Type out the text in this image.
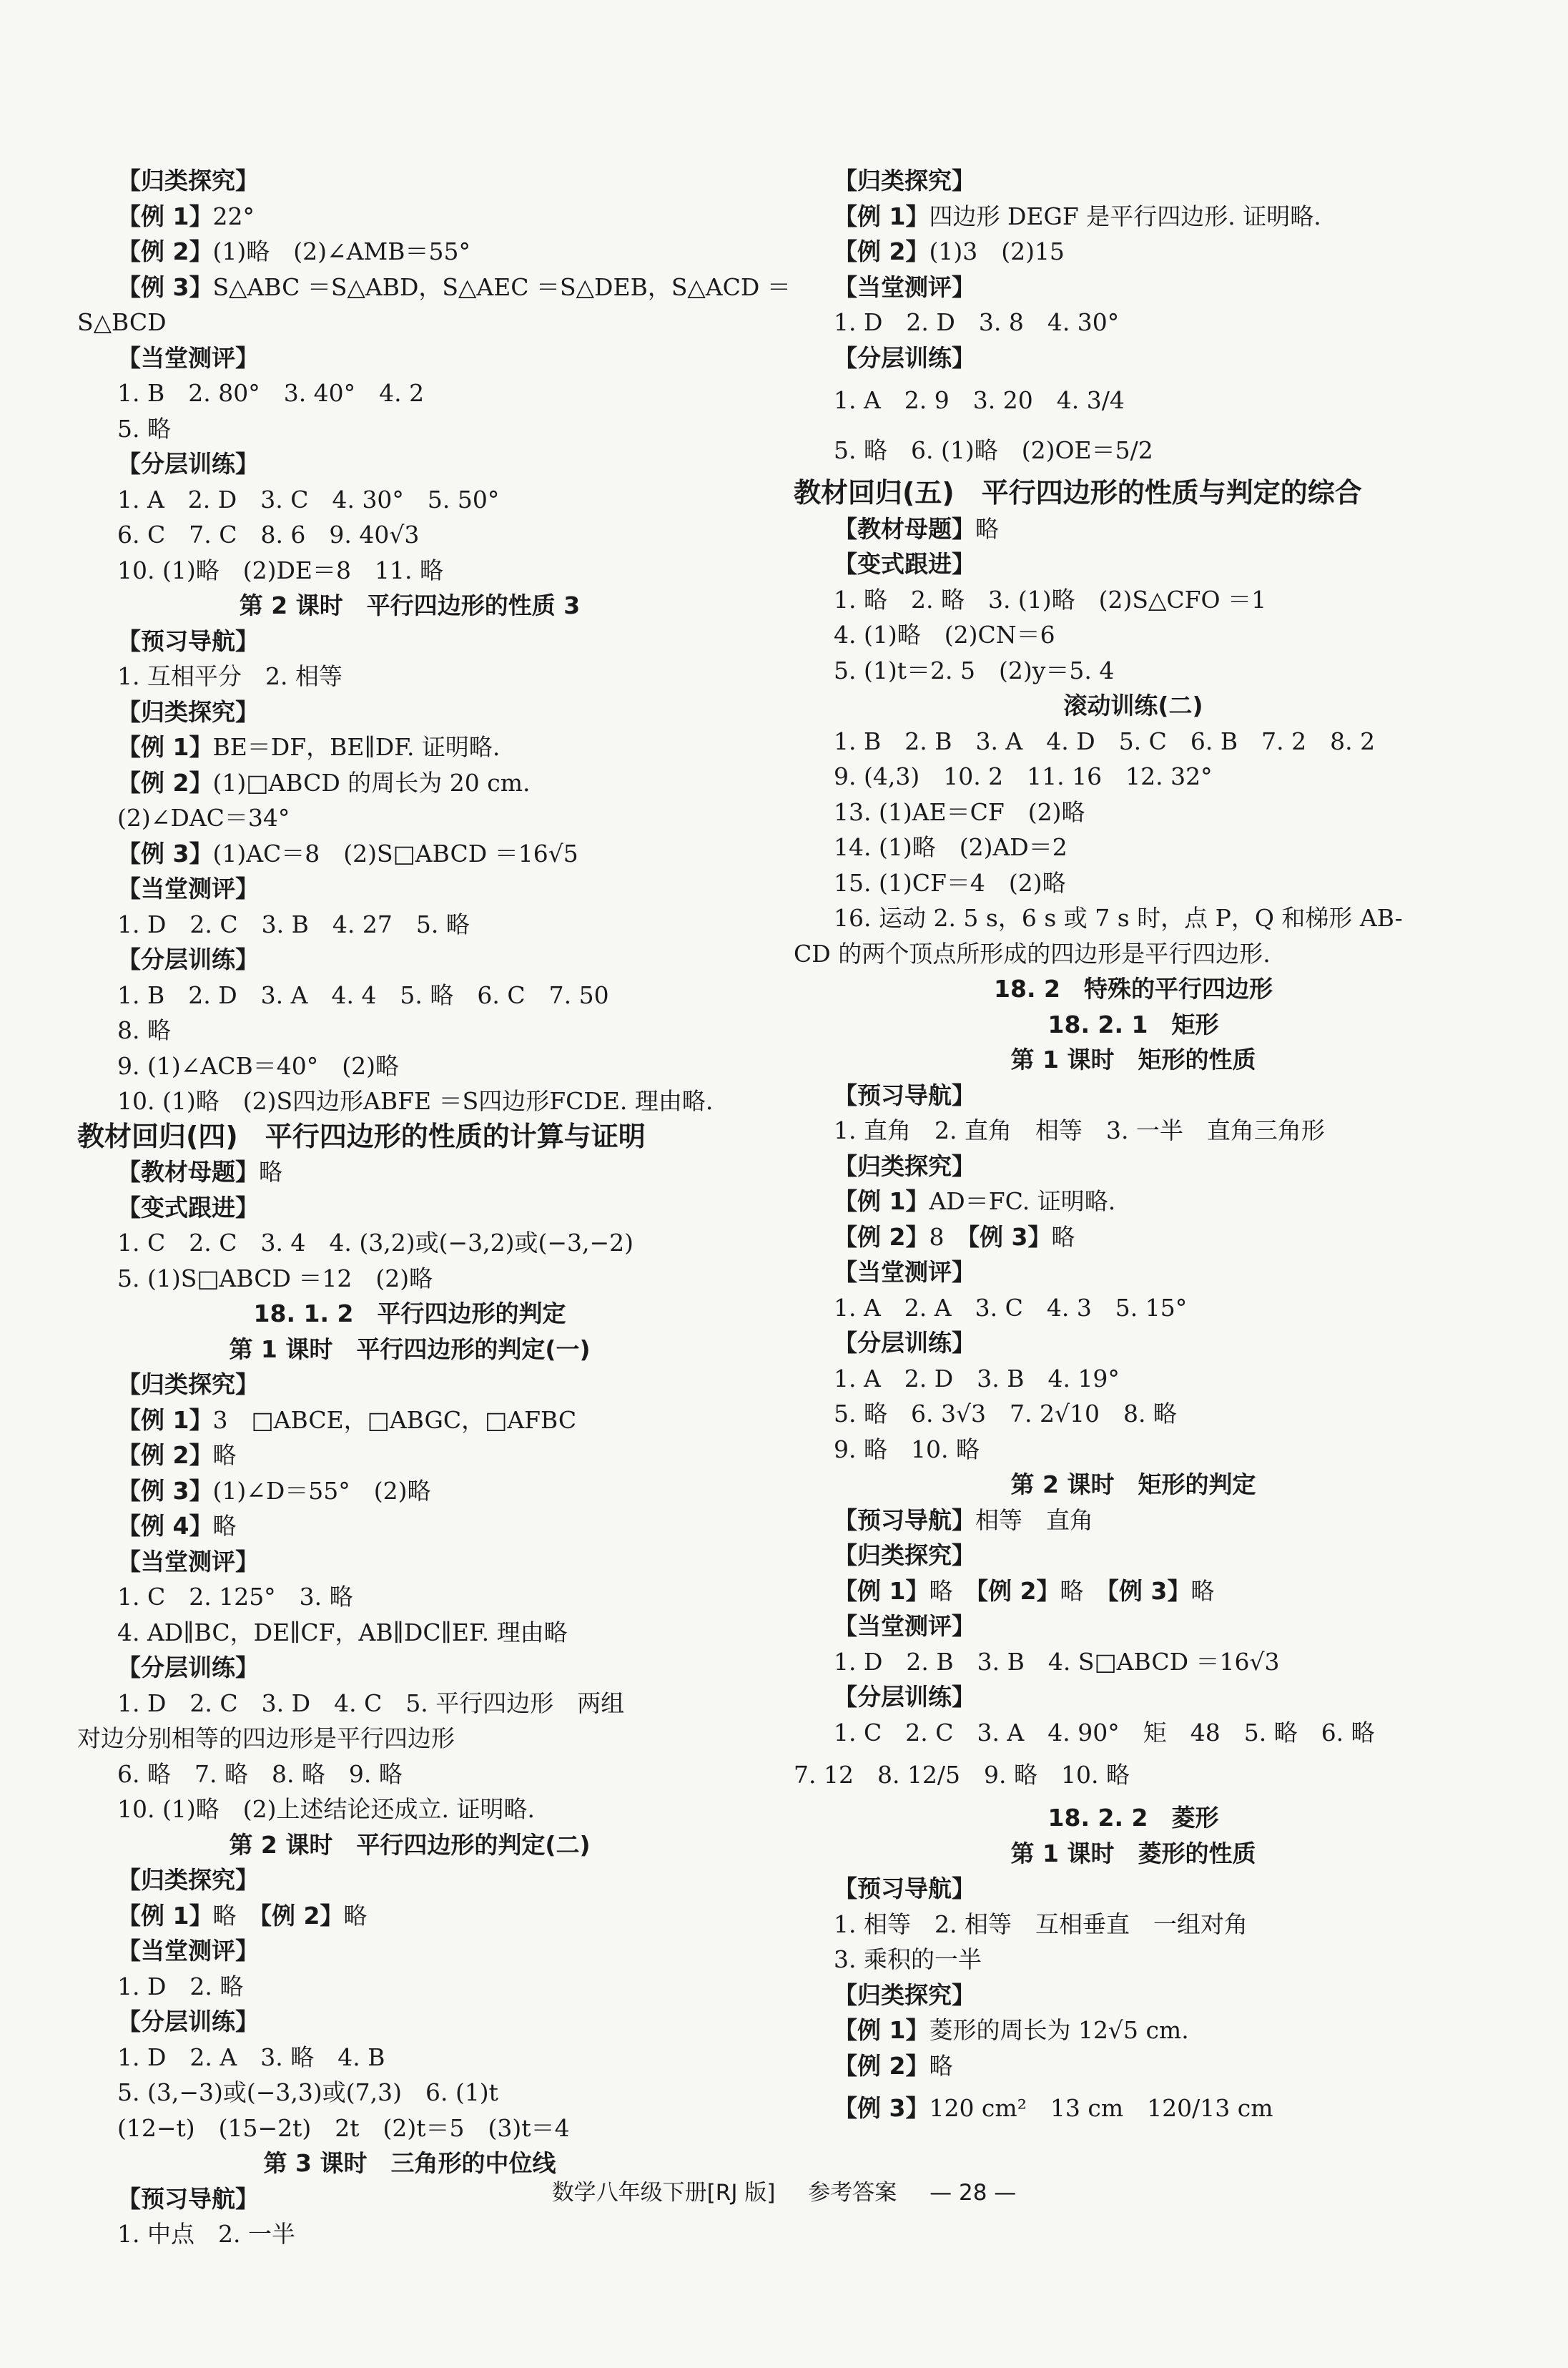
【归类探究】
【例 1】22°
【例 2】(1)略　(2)∠AMB＝55°
【例 3】S△ABC ＝S△ABD，S△AEC ＝S△DEB，S△ACD ＝
S△BCD
【当堂测评】
1. B　2. 80°　3. 40°　4. 2
5. 略
【分层训练】
1. A　2. D　3. C　4. 30°　5. 50°
6. C　7. C　8. 6　9. 40√3
10. (1)略　(2)DE＝8　11. 略
第 2 课时　平行四边形的性质 3
【预习导航】
1. 互相平分　2. 相等
【归类探究】
【例 1】BE＝DF，BE∥DF. 证明略.
【例 2】(1)□ABCD 的周长为 20 cm.
(2)∠DAC＝34°
【例 3】(1)AC＝8　(2)S□ABCD ＝16√5
【当堂测评】
1. D　2. C　3. B　4. 27　5. 略
【分层训练】
1. B　2. D　3. A　4. 4　5. 略　6. C　7. 50
8. 略
9. (1)∠ACB＝40°　(2)略
10. (1)略　(2)S四边形ABFE ＝S四边形FCDE. 理由略.
教材回归(四)　平行四边形的性质的计算与证明
【教材母题】略
【变式跟进】
1. C　2. C　3. 4　4. (3,2)或(−3,2)或(−3,−2)
5. (1)S□ABCD ＝12　(2)略
18. 1. 2　平行四边形的判定
第 1 课时　平行四边形的判定(一)
【归类探究】
【例 1】3　□ABCE，□ABGC，□AFBC
【例 2】略
【例 3】(1)∠D＝55°　(2)略
【例 4】略
【当堂测评】
1. C　2. 125°　3. 略
4. AD∥BC，DE∥CF，AB∥DC∥EF. 理由略
【分层训练】
1. D　2. C　3. D　4. C　5. 平行四边形　两组
对边分别相等的四边形是平行四边形
6. 略　7. 略　8. 略　9. 略
10. (1)略　(2)上述结论还成立. 证明略.
第 2 课时　平行四边形的判定(二)
【归类探究】
【例 1】略　【例 2】略
【当堂测评】
1. D　2. 略
【分层训练】
1. D　2. A　3. 略　4. B
5. (3,−3)或(−3,3)或(7,3)　6. (1)t
(12−t)　(15−2t)　2t　(2)t＝5　(3)t＝4
第 3 课时　三角形的中位线
【预习导航】
1. 中点　2. 一半
【归类探究】
【例 1】四边形 DEGF 是平行四边形. 证明略.
【例 2】(1)3　(2)15
【当堂测评】
1. D　2. D　3. 8　4. 30°
【分层训练】
1. A　2. 9　3. 20　4. 3/4
5. 略　6. (1)略　(2)OE＝5/2
教材回归(五)　平行四边形的性质与判定的综合
【教材母题】略
【变式跟进】
1. 略　2. 略　3. (1)略　(2)S△CFO ＝1
4. (1)略　(2)CN＝6
5. (1)t＝2. 5　(2)y＝5. 4
滚动训练(二)
1. B　2. B　3. A　4. D　5. C　6. B　7. 2　8. 2
9. (4,3)　10. 2　11. 16　12. 32°
13. (1)AE＝CF　(2)略
14. (1)略　(2)AD＝2
15. (1)CF＝4　(2)略
16. 运动 2. 5 s，6 s 或 7 s 时，点 P，Q 和梯形 AB-
CD 的两个顶点所形成的四边形是平行四边形.
18. 2　特殊的平行四边形
18. 2. 1　矩形
第 1 课时　矩形的性质
【预习导航】
1. 直角　2. 直角　相等　3. 一半　直角三角形
【归类探究】
【例 1】AD＝FC. 证明略.
【例 2】8　【例 3】略
【当堂测评】
1. A　2. A　3. C　4. 3　5. 15°
【分层训练】
1. A　2. D　3. B　4. 19°
5. 略　6. 3√3　7. 2√10　8. 略
9. 略　10. 略
第 2 课时　矩形的判定
【预习导航】相等　直角
【归类探究】
【例 1】略　【例 2】略　【例 3】略
【当堂测评】
1. D　2. B　3. B　4. S□ABCD ＝16√3
【分层训练】
1. C　2. C　3. A　4. 90°　矩　48　5. 略　6. 略
7. 12　8. 12/5　9. 略　10. 略
18. 2. 2　菱形
第 1 课时　菱形的性质
【预习导航】
1. 相等　2. 相等　互相垂直　一组对角
3. 乘积的一半
【归类探究】
【例 1】菱形的周长为 12√5 cm.
【例 2】略
【例 3】120 cm²　13 cm　120/13 cm
数学八年级下册[RJ 版] 参考答案 — 28 —
